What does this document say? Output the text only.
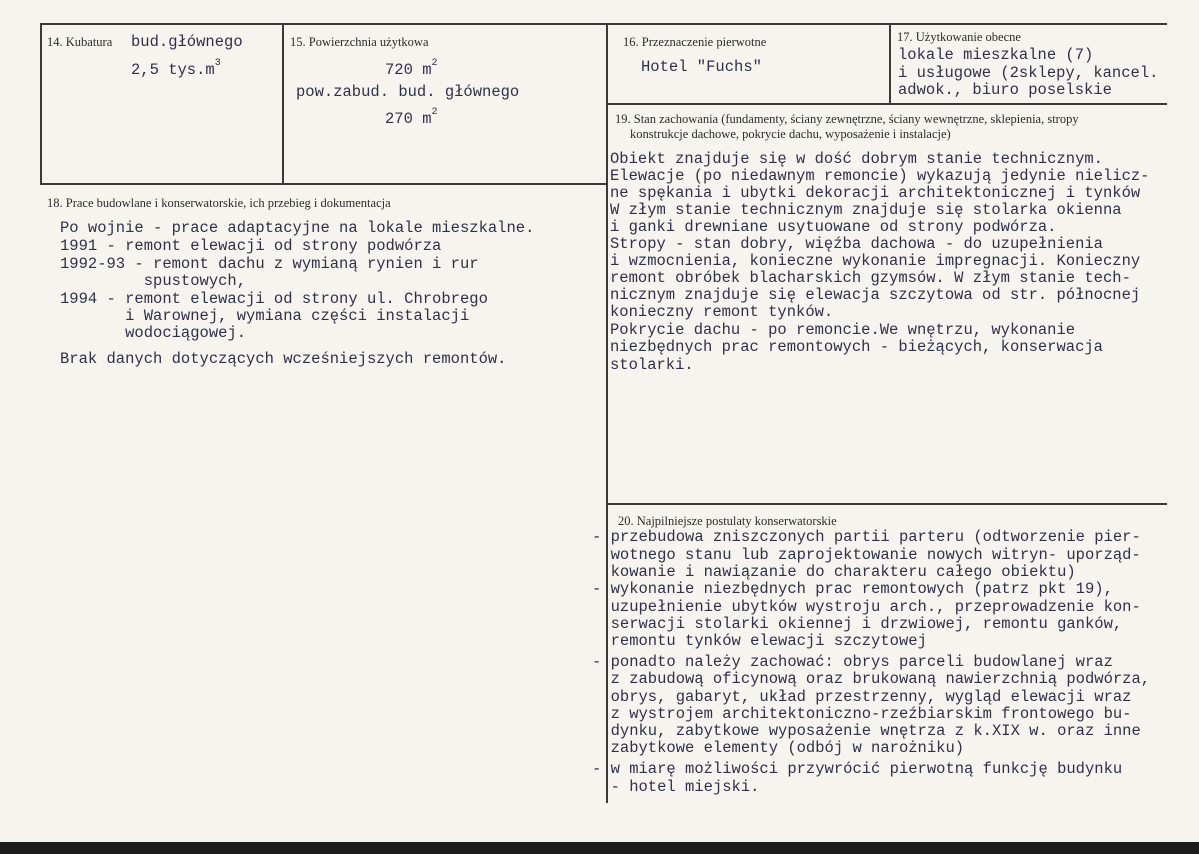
14. Kubatura bud.głównego
2,5 $tys.m^3$
15. Powierzchnia użytkowa
720 $m^2$
pow.zabud. bud. głównego
270 $m^2$
16. Przeznaczenie pierwotne
Hotel "Fuchs"
17. Użytkowanie obecne
lokale mieszkalne (7)
i usługowe (2sklepy, kancel.
adwok., biuro poselskie
18. Prace budowlane i konserwatorskie, ich przebieg i dokumentacja
Po wojnie - prace adaptacyjne na lokale mieszkalne.
1991 - remont elewacji od strony podwórza
1992-93 - remont dachu z wymianą rynien i rur
spustowych,
1994 - remont elewacji od strony ul. Chrobrego
i Warownej, wymiana części instalacji
wodociągowej.
Brak danych dotyczących wcześniejszych remontów.
19. Stan zachowania (fundamenty, ściany zewnętrzne, ściany wewnętrzne, sklepienia, stropy
konstrukcje dachowe, pokrycie dachu, wyposażenie i instalacje)
Obiekt znajduje się w dość dobrym stanie technicznym.
Elewacje (po niedawnym remoncie) wykazują jedynie nielicz-
ne spękania i ubytki dekoracji architektonicznej i tynków
W złym stanie technicznym znajduje się stolarka okienna
i ganki drewniane usytuowane od strony podwórza.
Stropy - stan dobry, więźba dachowa - do uzupełnienia
i wzmocnienia, konieczne wykonanie impregnacji. Konieczny
remont obróbek blacharskich gzymsów. W złym stanie tech-
nicznym znajduje się elewacja szczytowa od str. północnej
konieczny remont tynków.
Pokrycie dachu - po remoncie.We wnętrzu, wykonanie
niezbędnych prac remontowych - bieżących, konserwacja
stolarki.
20. Najpilniejsze postulaty konserwatorskie
- przebudowa zniszczonych partii parteru (odtworzenie pier-
wotnego stanu lub zaprojektowanie nowych witryn- uporząd-
kowanie i nawiązanie do charakteru całego obiektu)
- wykonanie niezbędnych prac remontowych (patrz pkt 19),
uzupełnienie ubytków wystroju arch., przeprowadzenie kon-
serwacji stolarki okiennej i drzwiowej, remontu ganków,
remontu tynków elewacji szczytowej
- ponadto należy zachować: obrys parceli budowlanej wraz
z zabudową oficynową oraz brukowaną nawierzchnią podwórza,
obrys, gabaryt, układ przestrzenny, wygląd elewacji wraz
z wystrojem architektoniczno-rzeźbiarskim frontowego bu-
dynku, zabytkowe wyposażenie wnętrza z k.XIX w. oraz inne
zabytkowe elementy (odbój w narożniku)
- w miarę możliwości przywrócić pierwotną funkcję budynku
- hotel miejski.
